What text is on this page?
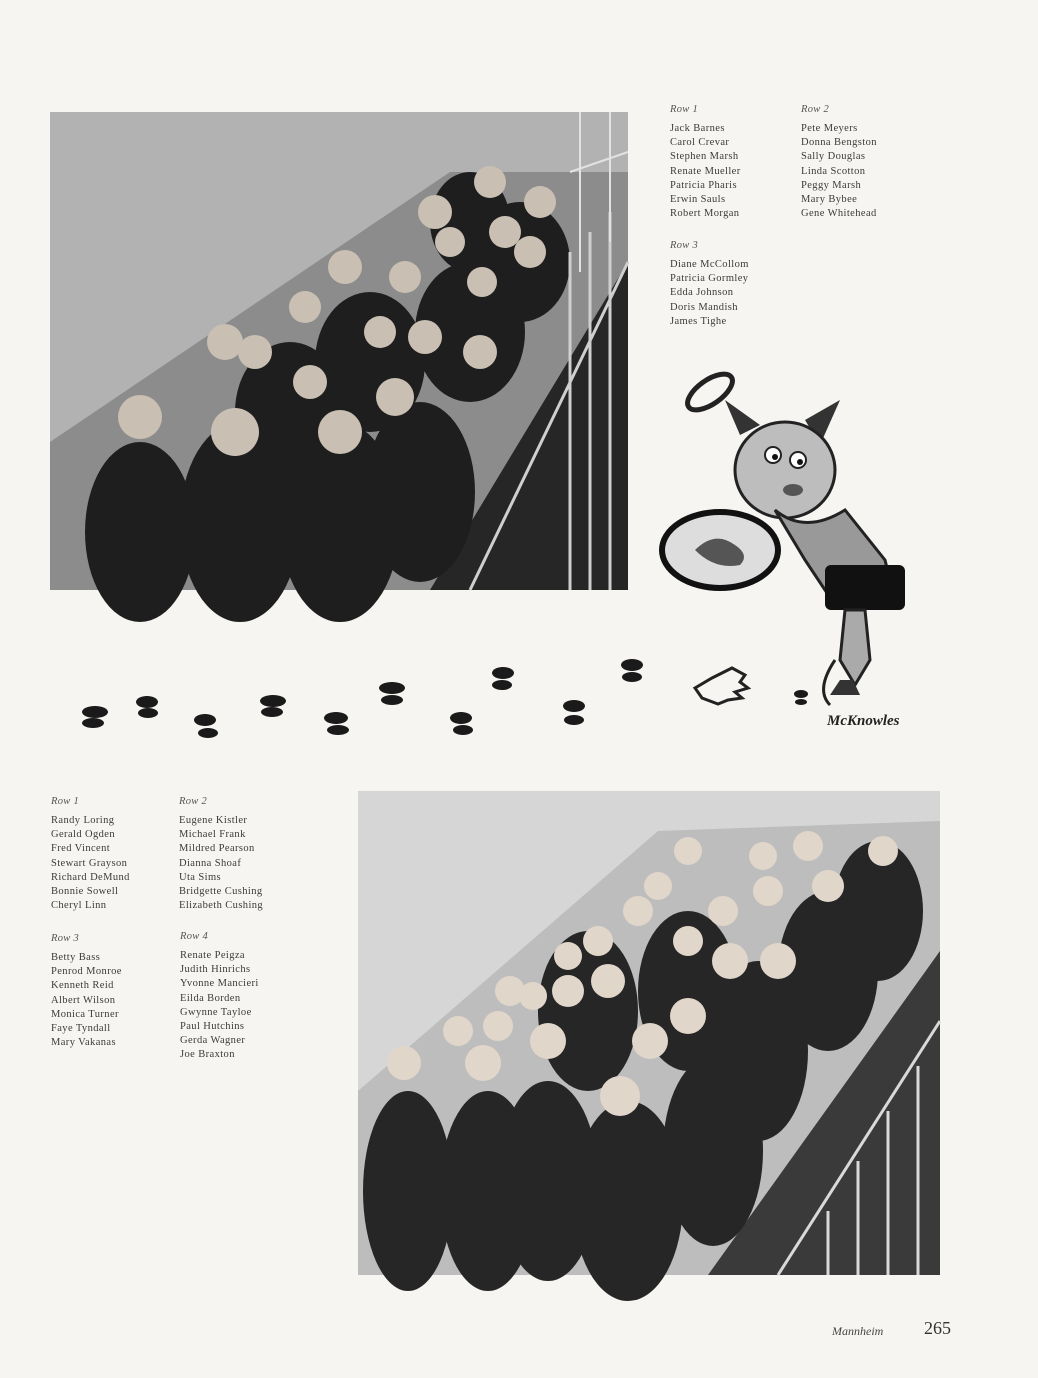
Row 1
Jack Barnes
Carol Crevar
Stephen Marsh
Renate Mueller
Patricia Pharis
Erwin Sauls
Robert Morgan
Row 2
Pete Meyers
Donna Bengston
Sally Douglas
Linda Scotton
Peggy Marsh
Mary Bybee
Gene Whitehead
Row 3
Diane McCollom
Patricia Gormley
Edda Johnson
Doris Mandish
James Tighe
McKnowles
Row 1
Randy Loring
Gerald Ogden
Fred Vincent
Stewart Grayson
Richard DeMund
Bonnie Sowell
Cheryl Linn
Row 2
Eugene Kistler
Michael Frank
Mildred Pearson
Dianna Shoaf
Uta Sims
Bridgette Cushing
Elizabeth Cushing
Row 3
Betty Bass
Penrod Monroe
Kenneth Reid
Albert Wilson
Monica Turner
Faye Tyndall
Mary Vakanas
Row 4
Renate Peigza
Judith Hinrichs
Yvonne Mancieri
Eilda Borden
Gwynne Tayloe
Paul Hutchins
Gerda Wagner
Joe Braxton
Mannheim 265
